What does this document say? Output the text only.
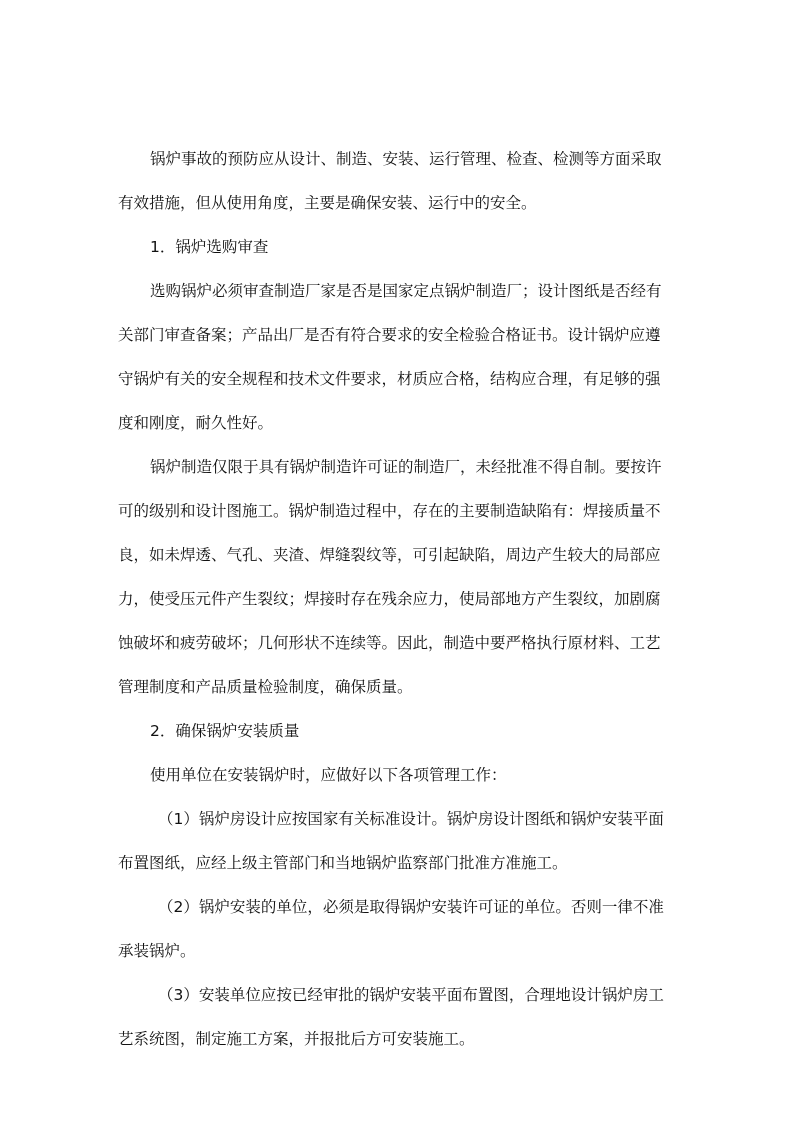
锅炉事故的预防应从设计、制造、安装、运行管理、检查、检测等方面采取
有效措施，但从使用角度，主要是确保安装、运行中的安全。
1．锅炉选购审查
选购锅炉必须审查制造厂家是否是国家定点锅炉制造厂；设计图纸是否经有
关部门审查备案；产品出厂是否有符合要求的安全检验合格证书。设计锅炉应遵
守锅炉有关的安全规程和技术文件要求，材质应合格，结构应合理，有足够的强
度和刚度，耐久性好。
锅炉制造仅限于具有锅炉制造许可证的制造厂，未经批准不得自制。要按许
可的级别和设计图施工。锅炉制造过程中，存在的主要制造缺陷有：焊接质量不
良，如未焊透、气孔、夹渣、焊缝裂纹等，可引起缺陷，周边产生较大的局部应
力，使受压元件产生裂纹；焊接时存在残余应力，使局部地方产生裂纹，加剧腐
蚀破坏和疲劳破坏；几何形状不连续等。因此，制造中要严格执行原材料、工艺
管理制度和产品质量检验制度，确保质量。
2．确保锅炉安装质量
使用单位在安装锅炉时，应做好以下各项管理工作：
（1）锅炉房设计应按国家有关标准设计。锅炉房设计图纸和锅炉安装平面
布置图纸，应经上级主管部门和当地锅炉监察部门批准方准施工。
（2）锅炉安装的单位，必须是取得锅炉安装许可证的单位。否则一律不准
承装锅炉。
（3）安装单位应按已经审批的锅炉安装平面布置图，合理地设计锅炉房工
艺系统图，制定施工方案，并报批后方可安装施工。
